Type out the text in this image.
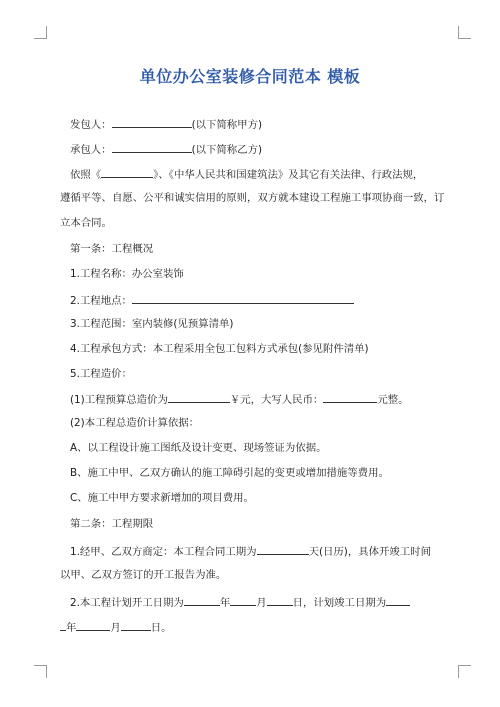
单位办公室装修合同范本 模板
发包人：	(以下简称甲方)
承包人：	(以下简称乙方)
依照《	》、《中华人民共和国建筑法》及其它有关法律、行政法规，
遵循平等、自愿、公平和诚实信用的原则，双方就本建设工程施工事项协商一致，订
立本合同。
第一条：工程概况
1.工程名称：办公室装饰
2.工程地点：
3.工程范围：室内装修(见预算清单)
4.工程承包方式：本工程采用全包工包料方式承包(参见附件清单)
5.工程造价：
(1)工程预算总造价为	￥元，大写人民币：	元整。
(2)本工程总造价计算依据：
A、以工程设计施工图纸及设计变更、现场签证为依据。
B、施工中甲、乙双方确认的施工障碍引起的变更或增加措施等费用。
C、施工中甲方要求新增加的项目费用。
第二条：工程期限
1.经甲、乙双方商定：本工程合同工期为	天(日历)，具体开竣工时间
以甲、乙双方签订的开工报告为准。
2.本工程计划开工日期为	年	月	日，计划竣工日期为
年	月	日。
